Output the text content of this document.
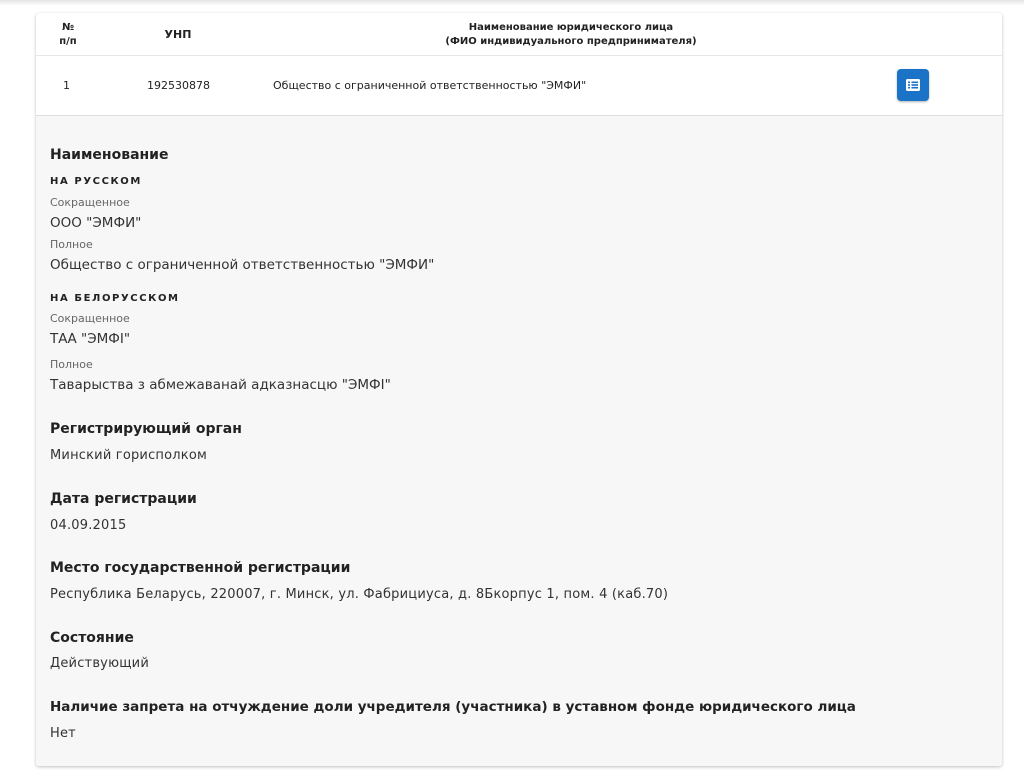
№
п/п
УНП
Наименование юридического лица
(ФИО индивидуального предпринимателя)
1	192530878	Общество с ограниченной ответственностью "ЭМФИ"
Наименование
НА РУССКОМ
Сокращенное
ООО "ЭМФИ"
Полное
Общество с ограниченной ответственностью "ЭМФИ"
НА БЕЛОРУССКОМ
Сокращенное
ТАА "ЭМФІ"
Полное
Таварыства з абмежаванай адказнасцю "ЭМФІ"
Регистрирующий орган
Минский горисполком
Дата регистрации
04.09.2015
Место государственной регистрации
Республика Беларусь, 220007, г. Минск, ул. Фабрициуса, д. 8Бкорпус 1, пом. 4 (каб.70)
Состояние
Действующий
Наличие запрета на отчуждение доли учредителя (участника) в уставном фонде юридического лица
Нет
